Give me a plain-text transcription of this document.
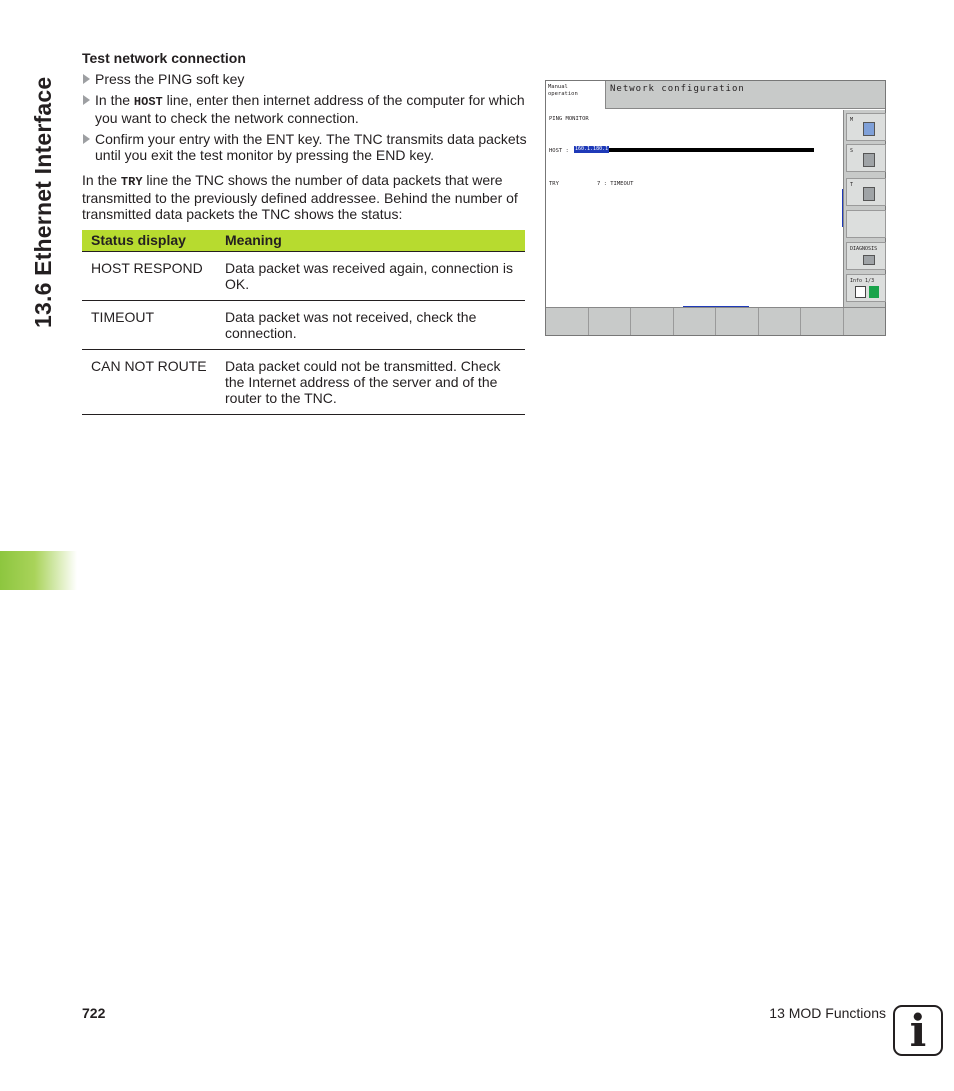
13.6 Ethernet Interface
Test network connection
Press the PING soft key
In the HOST line, enter then internet address of the computer for which you want to check the network connection.
Confirm your entry with the ENT key. The TNC transmits data packets until you exit the test monitor by pressing the END key.
In the TRY line the TNC shows the number of data packets that were transmitted to the previously defined addressee. Behind the number of transmitted data packets the TNC shows the status:
Status display	Meaning
HOST RESPOND	Data packet was received again, connection is OK.
TIMEOUT	Data packet was not received, check the connection.
CAN NOT ROUTE	Data packet could not be transmitted. Check the Internet address of the server and of the router to the TNC.
Manual
operation	Network configuration
PING MONITOR
HOST : 160.1.180.1
TRY	7 : TIMEOUT
M
S
T
DIAGNOSIS
Info 1/3
722	13 MOD Functions i
